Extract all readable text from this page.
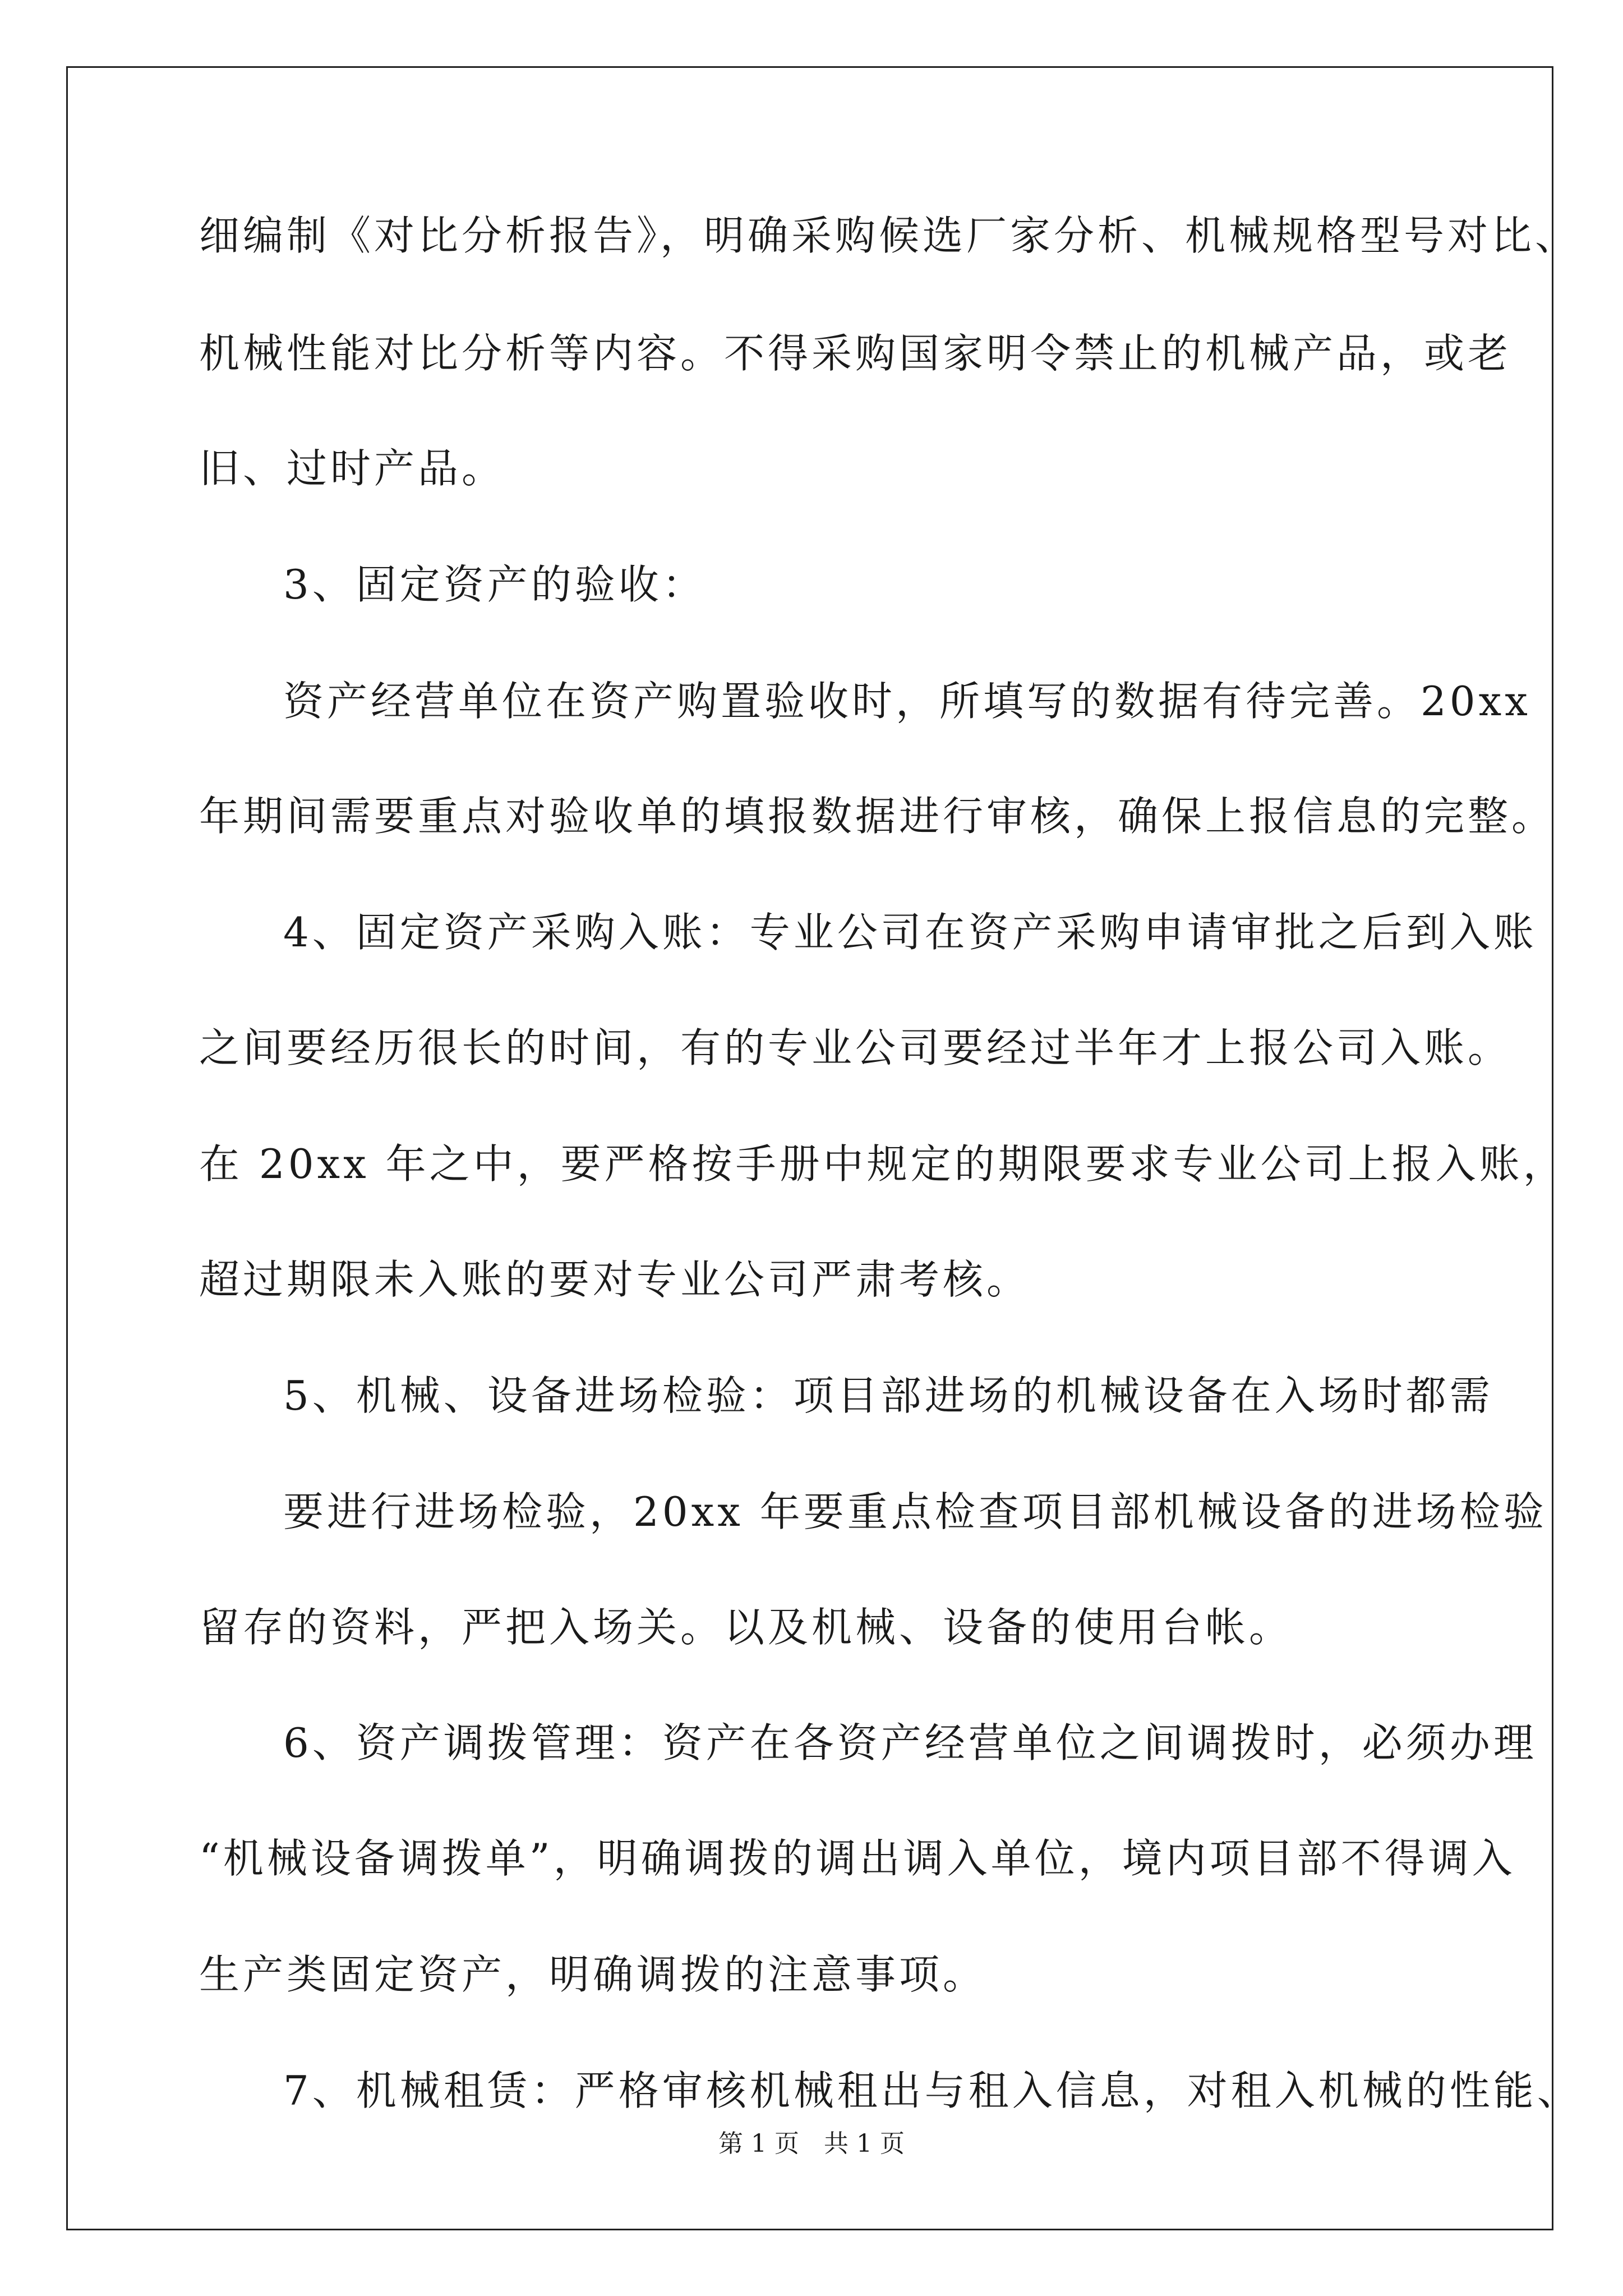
细编制《对比分析报告》，明确采购候选厂家分析、机械规格型号对比、
机械性能对比分析等内容。不得采购国家明令禁止的机械产品，或老
旧、过时产品。
3、固定资产的验收：
资产经营单位在资产购置验收时，所填写的数据有待完善。20xx
年期间需要重点对验收单的填报数据进行审核，确保上报信息的完整。
4、固定资产采购入账：专业公司在资产采购申请审批之后到入账
之间要经历很长的时间，有的专业公司要经过半年才上报公司入账。
在 20xx 年之中，要严格按手册中规定的期限要求专业公司上报入账，
超过期限未入账的要对专业公司严肃考核。
5、机械、设备进场检验：项目部进场的机械设备在入场时都需
要进行进场检验，20xx 年要重点检查项目部机械设备的进场检验
留存的资料，严把入场关。以及机械、设备的使用台帐。
6、资产调拨管理：资产在各资产经营单位之间调拨时，必须办理
“机械设备调拨单”，明确调拨的调出调入单位，境内项目部不得调入
生产类固定资产，明确调拨的注意事项。
7、机械租赁：严格审核机械租出与租入信息，对租入机械的性能、
第 1 页　共 1 页
